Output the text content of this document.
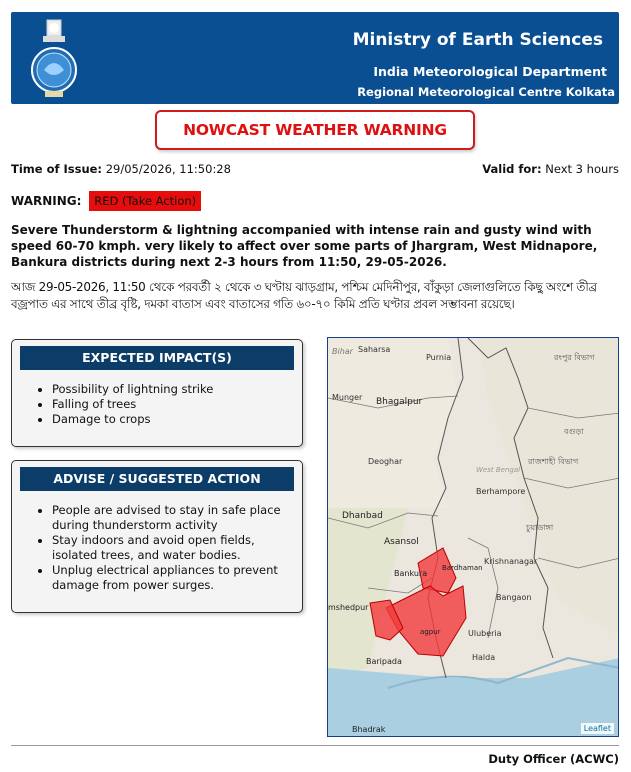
Ministry of Earth Sciences
India Meteorological Department
Regional Meteorological Centre Kolkata
NOWCAST WEATHER WARNING
Time of Issue: 29/05/2026, 11:50:28	Valid for: Next 3 hours
WARNING: RED (Take Action)
Severe Thunderstorm & lightning accompanied with intense rain and gusty wind with speed 60-70 kmph. very likely to affect over some parts of Jhargram, West Midnapore, Bankura districts during next 2-3 hours from 11:50, 29-05-2026.
আজ 29-05-2026, 11:50 থেকে পরবর্তী ২ থেকে ৩ ঘণ্টায় ঝাড়গ্রাম, পশ্চিম মেদিনীপুর, বাঁকুড়া জেলাগুলিতে কিছু অংশে তীব্র বজ্রপাত এর সাথে তীব্র বৃষ্টি, দমকা বাতাস এবং বাতাসের গতি ৬০-৭০ কিমি প্রতি ঘণ্টার প্রবল সম্ভাবনা রয়েছে।
EXPECTED IMPACT(S)
• Possibility of lightning strike
• Falling of trees
• Damage to crops
ADVISE / SUGGESTED ACTION
• People are advised to stay in safe place during thunderstorm activity
• Stay indoors and avoid open fields, isolated trees, and water bodies.
• Unplug electrical appliances to prevent damage from power surges.
Bihar Saharsa
Purnia	রংপুর বিভাগ
Munger Bhagalpur
বগুড়া
Deoghar
West Bengal
রাজশাহী বিভাগ
Dhanbad
Berhampore
চুয়াডাঙ্গা
Asansol
Krishnanagar
Bankura
Bardhaman
mshedpur
agpur	Uluberia
Halda
Baripada
Bhadrak
Bangaon
Leaflet
Duty Officer (ACWC)
